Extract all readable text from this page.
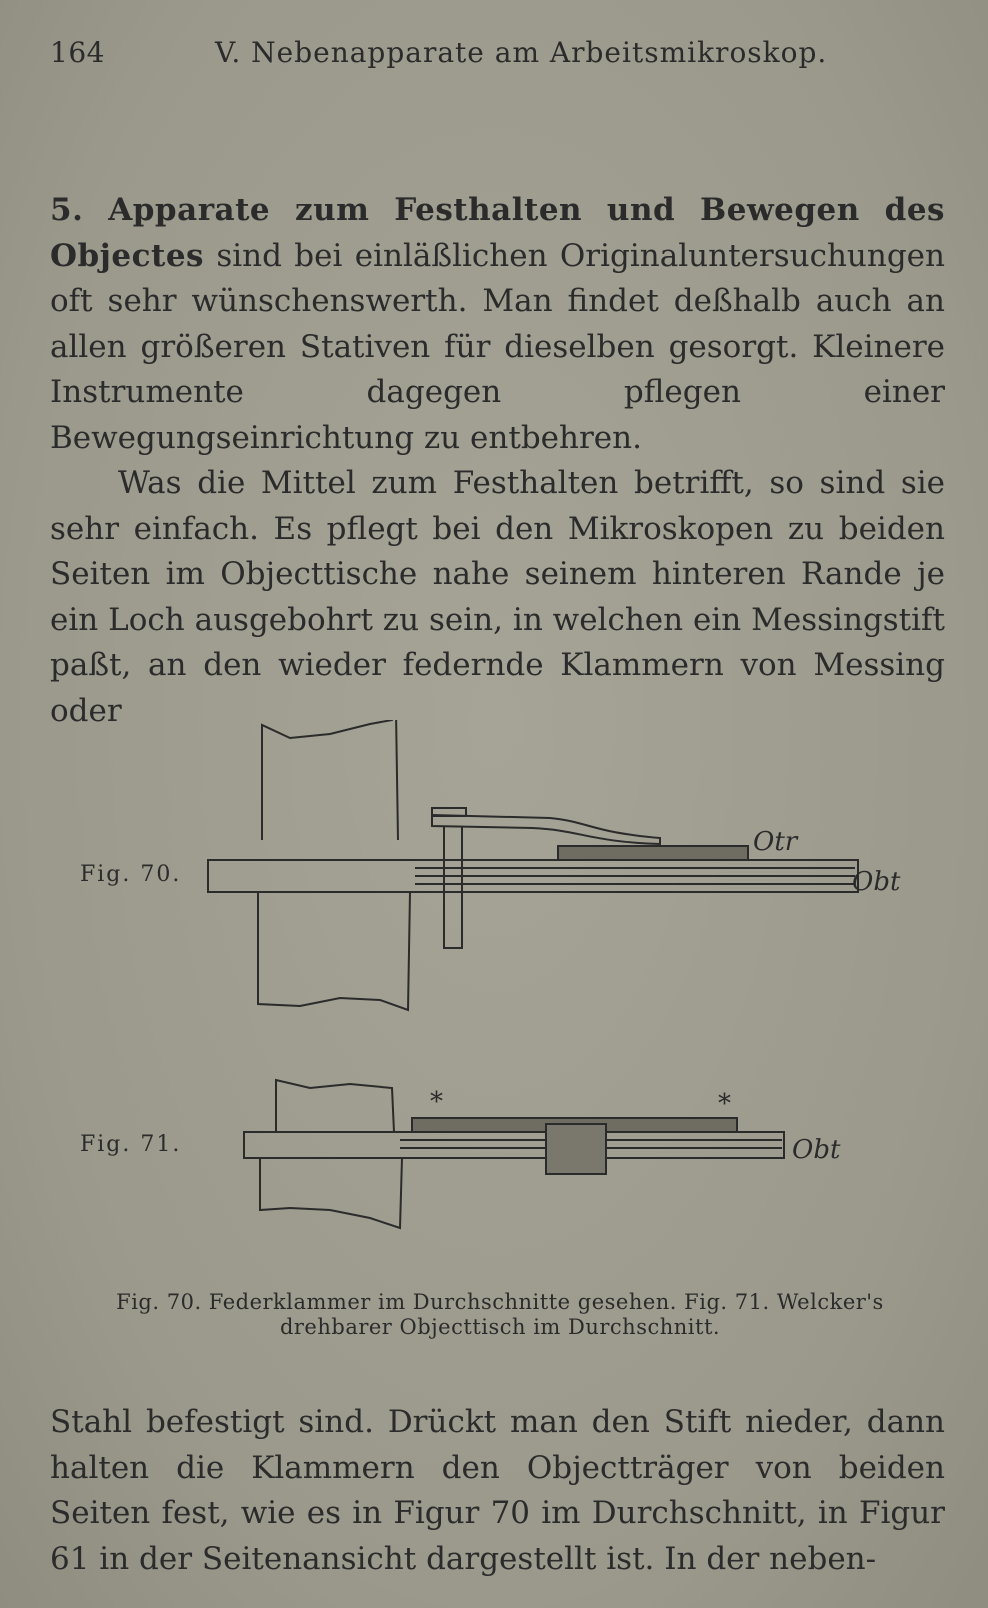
164	V. Nebenapparate am Arbeitsmikroskop.

5. Apparate zum Festhalten und Bewegen des Objectes sind bei einläßlichen Originaluntersuchungen oft sehr wünschenswerth. Man findet deßhalb auch an allen größeren Stativen für dieselben gesorgt. Kleinere Instrumente dagegen pflegen einer Bewegungseinrichtung zu entbehren.

Was die Mittel zum Festhalten betrifft, so sind sie sehr einfach. Es pflegt bei den Mikroskopen zu beiden Seiten im Objecttische nahe seinem hinteren Rande je ein Loch ausgebohrt zu sein, in welchen ein Messingstift paßt, an den wieder federnde Klammern von Messing oder

Fig. 70.
Fig. 71.
Otr
Obt
*	*
Obt
Fig. 70. Federklammer im Durchschnitte gesehen. Fig. 71. Welcker's
drehbarer Objecttisch im Durchschnitt.

Stahl befestigt sind. Drückt man den Stift nieder, dann halten die Klammern den Objectträger von beiden Seiten fest, wie es in Figur 70 im Durchschnitt, in Figur 61 in der Seitenansicht dargestellt ist. In der neben-
